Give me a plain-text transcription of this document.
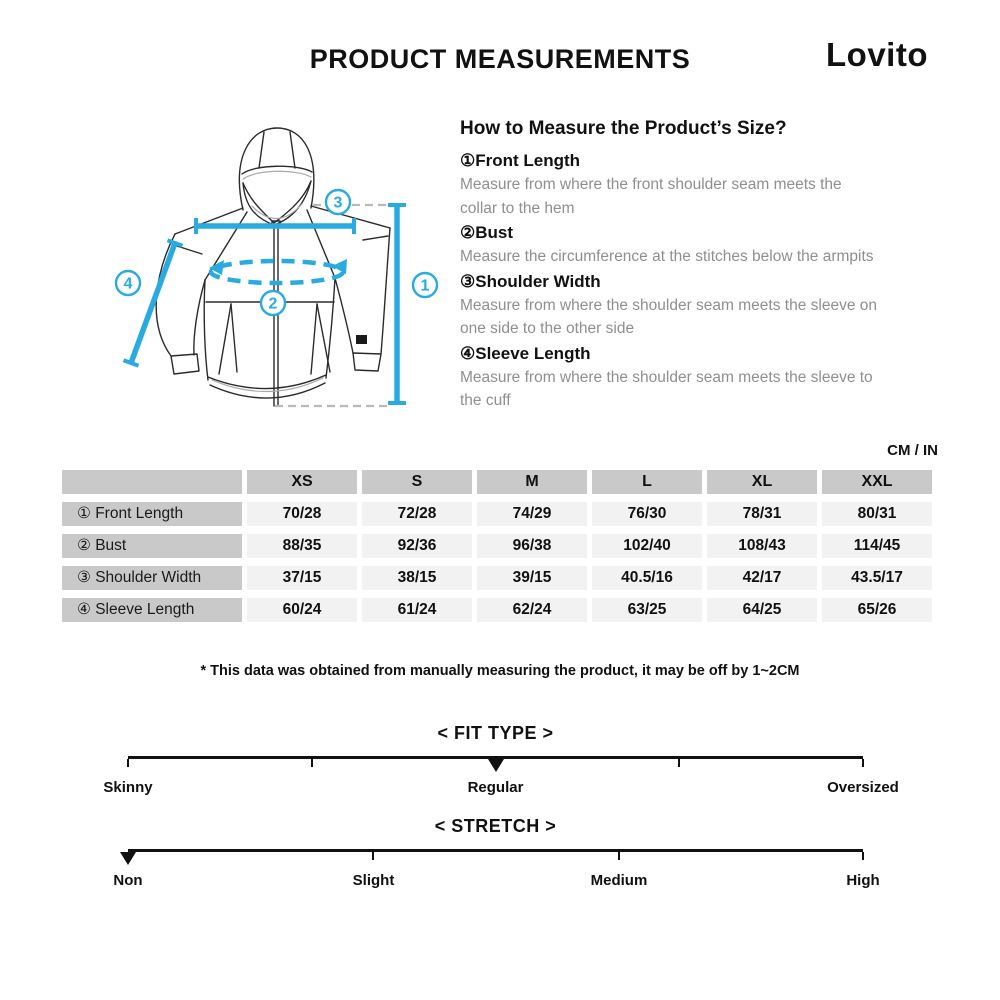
PRODUCT MEASUREMENTS	Lovito
1
2
3
4
How to Measure the Product’s Size?
①Front Length
Measure from where the front shoulder seam meets the collar to the hem
②Bust
Measure the circumference at the stitches below the armpits
③Shoulder Width
Measure from where the shoulder seam meets the sleeve on one side to the other side
④Sleeve Length
Measure from where the shoulder seam meets the sleeve to the cuff
CM / IN
	XS	S	M	L	XL	XXL
① Front Length	70/28	72/28	74/29	76/30	78/31	80/31
② Bust	88/35	92/36	96/38	102/40	108/43	114/45
③ Shoulder Width	37/15	38/15	39/15	40.5/16	42/17	43.5/17
④ Sleeve Length	60/24	61/24	62/24	63/25	64/25	65/26

* This data was obtained from manually measuring the product, it may be off by 1~2CM

< FIT TYPE >
Skinny	Regular	Oversized
< STRETCH >
Non	Slight	Medium	High
